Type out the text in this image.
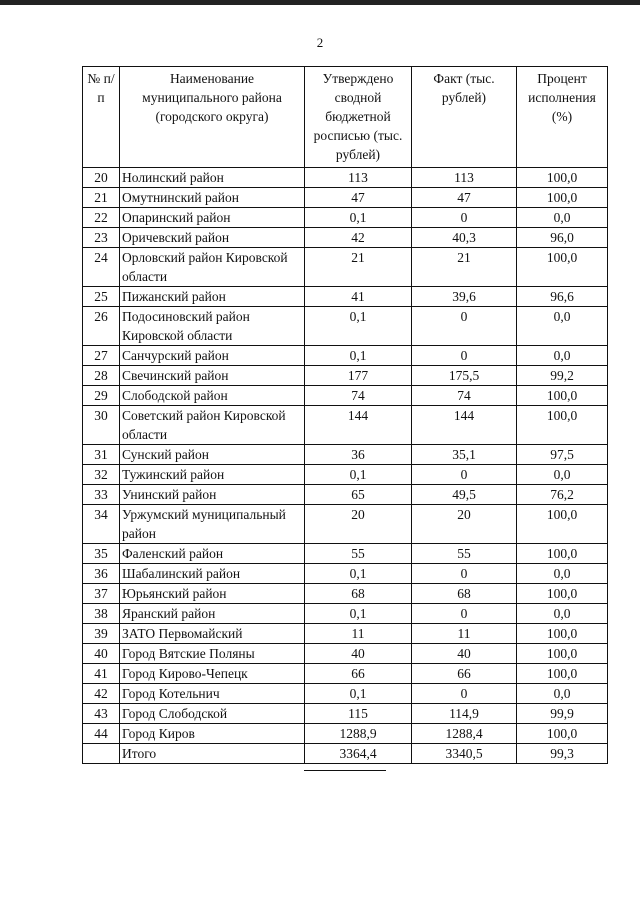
2
№ п/п	Наименование муниципального района (городского округа)	Утверждено сводной бюджетной росписью (тыс. рублей)	Факт (тыс. рублей)	Процент исполнения (%)
20	Нолинский район	113	113	100,0
21	Омутнинский район	47	47	100,0
22	Опаринский район	0,1	0	0,0
23	Оричевский район	42	40,3	96,0
24	Орловский район Кировской области	21	21	100,0
25	Пижанский район	41	39,6	96,6
26	Подосиновский район Кировской области	0,1	0	0,0
27	Санчурский район	0,1	0	0,0
28	Свечинский район	177	175,5	99,2
29	Слободской район	74	74	100,0
30	Советский район Кировской области	144	144	100,0
31	Сунский район	36	35,1	97,5
32	Тужинский район	0,1	0	0,0
33	Унинский район	65	49,5	76,2
34	Уржумский муниципальный район	20	20	100,0
35	Фаленский район	55	55	100,0
36	Шабалинский район	0,1	0	0,0
37	Юрьянский район	68	68	100,0
38	Яранский район	0,1	0	0,0
39	ЗАТО Первомайский	11	11	100,0
40	Город Вятские Поляны	40	40	100,0
41	Город Кирово-Чепецк	66	66	100,0
42	Город Котельнич	0,1	0	0,0
43	Город Слободской	115	114,9	99,9
44	Город Киров	1288,9	1288,4	100,0
	Итого	3364,4	3340,5	99,3
